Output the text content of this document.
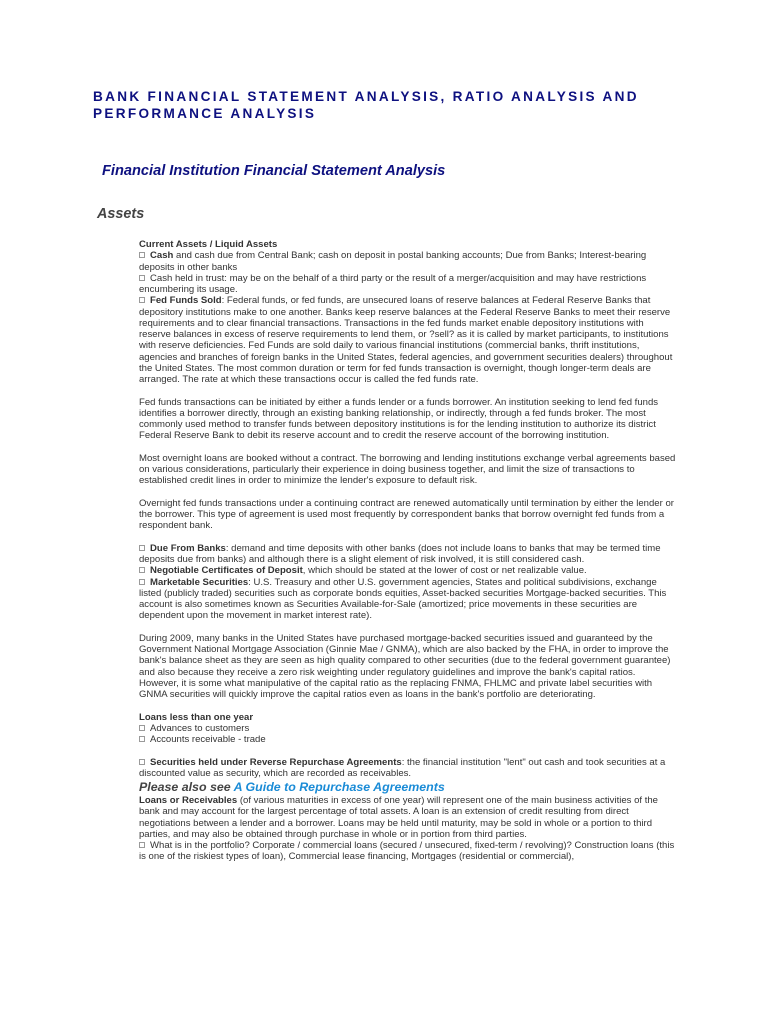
BANK FINANCIAL STATEMENT ANALYSIS, RATIO ANALYSIS AND PERFORMANCE ANALYSIS
Financial Institution Financial Statement Analysis
Assets

Current Assets / Liquid Assets

Cash and cash due from Central Bank; cash on deposit in postal banking accounts; Due from Banks; Interest-bearing deposits in other banks

Cash held in trust: may be on the behalf of a third party or the result of a merger/acquisition and may have restrictions encumbering its usage.

Fed Funds Sold: Federal funds, or fed funds, are unsecured loans of reserve balances at Federal Reserve Banks that depository institutions make to one another. Banks keep reserve balances at the Federal Reserve Banks to meet their reserve requirements and to clear financial transactions. Transactions in the fed funds market enable depository institutions with reserve balances in excess of reserve requirements to lend them, or ?sell? as it is called by market participants, to institutions with reserve deficiencies. Fed Funds are sold daily to various financial institutions (commercial banks, thrift institutions, agencies and branches of foreign banks in the United States, federal agencies, and government securities dealers) throughout the United States. The most common duration or term for fed funds transaction is overnight, though longer-term deals are arranged. The rate at which these transactions occur is called the fed funds rate.

Fed funds transactions can be initiated by either a funds lender or a funds borrower. An institution seeking to lend fed funds identifies a borrower directly, through an existing banking relationship, or indirectly, through a fed funds broker. The most commonly used method to transfer funds between depository institutions is for the lending institution to authorize its district Federal Reserve Bank to debit its reserve account and to credit the reserve account of the borrowing institution.

Most overnight loans are booked without a contract. The borrowing and lending institutions exchange verbal agreements based on various considerations, particularly their experience in doing business together, and limit the size of transactions to established credit lines in order to minimize the lender's exposure to default risk.

Overnight fed funds transactions under a continuing contract are renewed automatically until termination by either the lender or the borrower. This type of agreement is used most frequently by correspondent banks that borrow overnight fed funds from a respondent bank.

Due From Banks: demand and time deposits with other banks (does not include loans to banks that may be termed time deposits due from banks) and although there is a slight element of risk involved, it is still considered cash.

Negotiable Certificates of Deposit, which should be stated at the lower of cost or net realizable value.

Marketable Securities: U.S. Treasury and other U.S. government agencies, States and political subdivisions, exchange listed (publicly traded) securities such as corporate bonds equities, Asset-backed securities Mortgage-backed securities. This account is also sometimes known as Securities Available-for-Sale (amortized; price movements in these securities are dependent upon the movement in market interest rate).

During 2009, many banks in the United States have purchased mortgage-backed securities issued and guaranteed by the Government National Mortgage Association (Ginnie Mae / GNMA), which are also backed by the FHA, in order to improve the bank's balance sheet as they are seen as high quality compared to other securities (due to the federal government guarantee) and also because they receive a zero risk weighting under regulatory guidelines and improve the bank's capital ratios. However, it is some what manipulative of the capital ratio as the replacing FNMA, FHLMC and private label securities with GNMA securities will quickly improve the capital ratios even as loans in the bank's portfolio are deteriorating.

Loans less than one year

Advances to customers

Accounts receivable - trade

Securities held under Reverse Repurchase Agreements: the financial institution "lent" out cash and took securities at a discounted value as security, which are recorded as receivables.

Please also see A Guide to Repurchase Agreements

Loans or Receivables (of various maturities in excess of one year) will represent one of the main business activities of the bank and may account for the largest percentage of total assets. A loan is an extension of credit resulting from direct negotiations between a lender and a borrower. Loans may be held until maturity, may be sold in whole or a portion to third parties, and may also be obtained through purchase in whole or in portion from third parties.

What is in the portfolio? Corporate / commercial loans (secured / unsecured, fixed-term / revolving)? Construction loans (this is one of the riskiest types of loan), Commercial lease financing, Mortgages (residential or commercial),
